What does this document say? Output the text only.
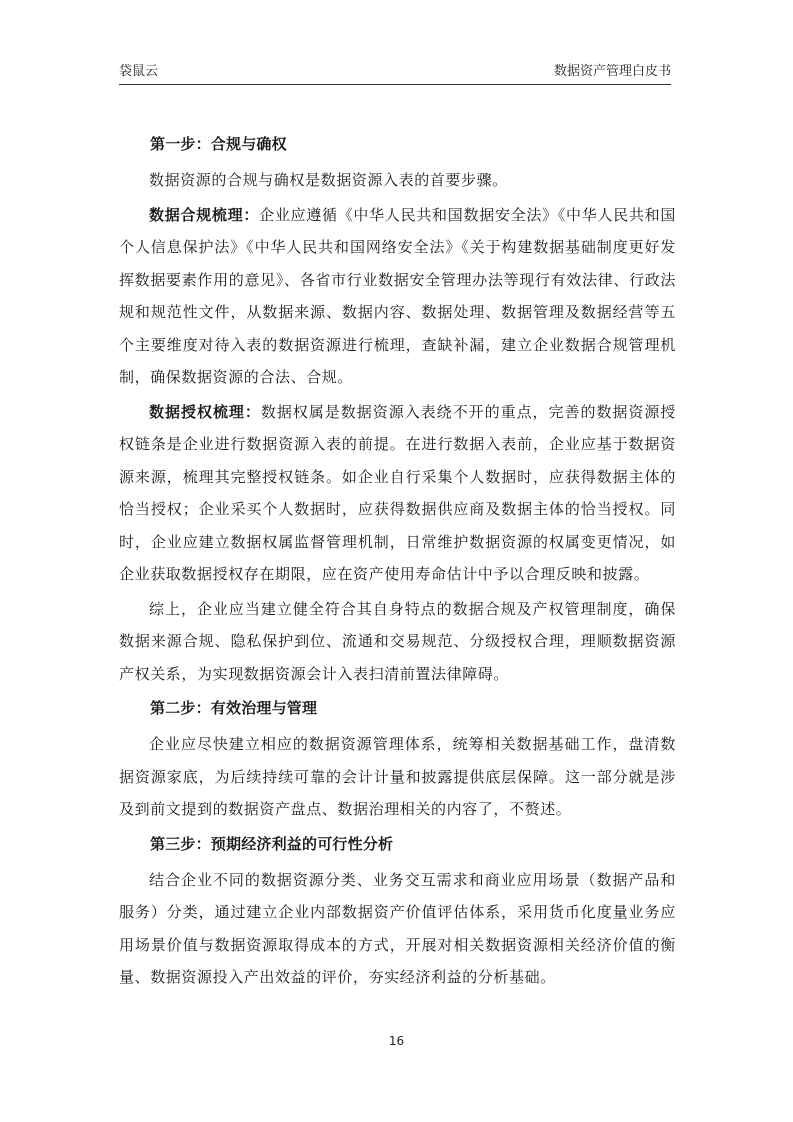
袋鼠云	数据资产管理白皮书
第一步：合规与确权

数据资源的合规与确权是数据资源入表的首要步骤。

数据合规梳理：企业应遵循《中华人民共和国数据安全法》《中华人民共和国个人信息保护法》《中华人民共和国网络安全法》《关于构建数据基础制度更好发挥数据要素作用的意见》、各省市行业数据安全管理办法等现行有效法律、行政法规和规范性文件，从数据来源、数据内容、数据处理、数据管理及数据经营等五个主要维度对待入表的数据资源进行梳理，查缺补漏，建立企业数据合规管理机制，确保数据资源的合法、合规。

数据授权梳理：数据权属是数据资源入表绕不开的重点，完善的数据资源授权链条是企业进行数据资源入表的前提。在进行数据入表前，企业应基于数据资源来源，梳理其完整授权链条。如企业自行采集个人数据时，应获得数据主体的恰当授权；企业采买个人数据时，应获得数据供应商及数据主体的恰当授权。同时，企业应建立数据权属监督管理机制，日常维护数据资源的权属变更情况，如企业获取数据授权存在期限，应在资产使用寿命估计中予以合理反映和披露。

综上，企业应当建立健全符合其自身特点的数据合规及产权管理制度，确保数据来源合规、隐私保护到位、流通和交易规范、分级授权合理，理顺数据资源产权关系，为实现数据资源会计入表扫清前置法律障碍。

第二步：有效治理与管理

企业应尽快建立相应的数据资源管理体系，统筹相关数据基础工作，盘清数据资源家底，为后续持续可靠的会计计量和披露提供底层保障。这一部分就是涉及到前文提到的数据资产盘点、数据治理相关的内容了，不赘述。

第三步：预期经济利益的可行性分析

结合企业不同的数据资源分类、业务交互需求和商业应用场景（数据产品和服务）分类，通过建立企业内部数据资产价值评估体系，采用货币化度量业务应用场景价值与数据资源取得成本的方式，开展对相关数据资源相关经济价值的衡量、数据资源投入产出效益的评价，夯实经济利益的分析基础。

16
